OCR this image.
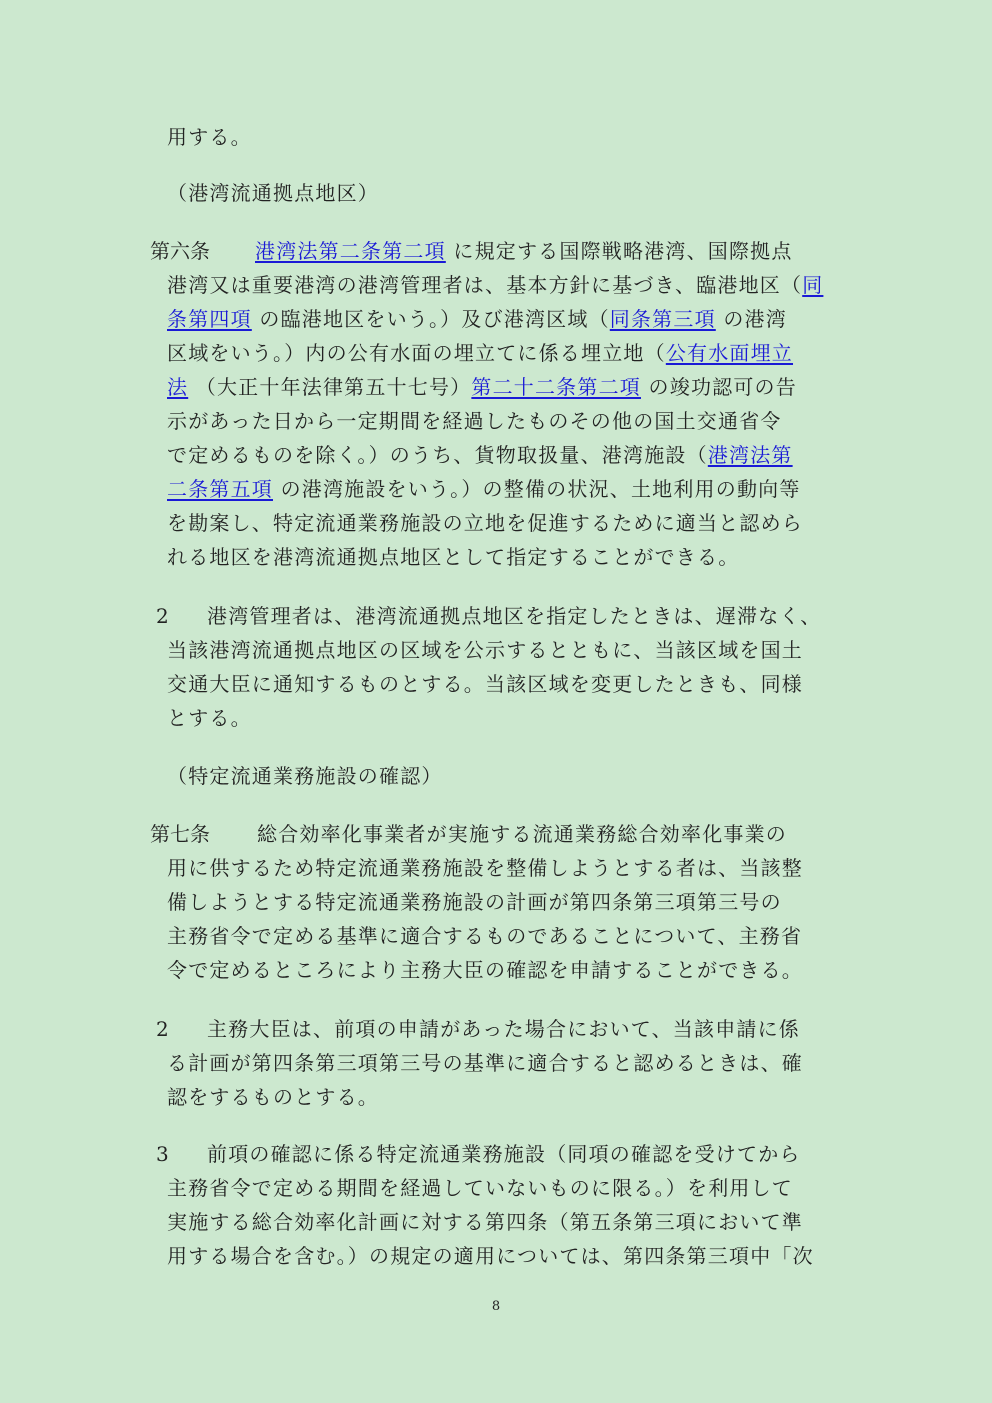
用する。
（港湾流通拠点地区）
第六条 港湾法第二条第二項 に規定する国際戦略港湾、国際拠点
港湾又は重要港湾の港湾管理者は、基本方針に基づき、臨港地区（同
条第四項 の臨港地区をいう。）及び港湾区域（同条第三項 の港湾
区域をいう。）内の公有水面の埋立てに係る埋立地（公有水面埋立
法 （大正十年法律第五十七号）第二十二条第二項 の竣功認可の告
示があった日から一定期間を経過したものその他の国土交通省令
で定めるものを除く。）のうち、貨物取扱量、港湾施設（港湾法第
二条第五項 の港湾施設をいう。）の整備の状況、土地利用の動向等
を勘案し、特定流通業務施設の立地を促進するために適当と認めら
れる地区を港湾流通拠点地区として指定することができる。
2 港湾管理者は、港湾流通拠点地区を指定したときは、遅滞なく、
当該港湾流通拠点地区の区域を公示するとともに、当該区域を国土
交通大臣に通知するものとする。当該区域を変更したときも、同様
とする。
（特定流通業務施設の確認）
第七条 総合効率化事業者が実施する流通業務総合効率化事業の
用に供するため特定流通業務施設を整備しようとする者は、当該整
備しようとする特定流通業務施設の計画が第四条第三項第三号の
主務省令で定める基準に適合するものであることについて、主務省
令で定めるところにより主務大臣の確認を申請することができる。
2 主務大臣は、前項の申請があった場合において、当該申請に係
る計画が第四条第三項第三号の基準に適合すると認めるときは、確
認をするものとする。
3 前項の確認に係る特定流通業務施設（同項の確認を受けてから
主務省令で定める期間を経過していないものに限る。）を利用して
実施する総合効率化計画に対する第四条（第五条第三項において準
用する場合を含む。）の規定の適用については、第四条第三項中「次
8
